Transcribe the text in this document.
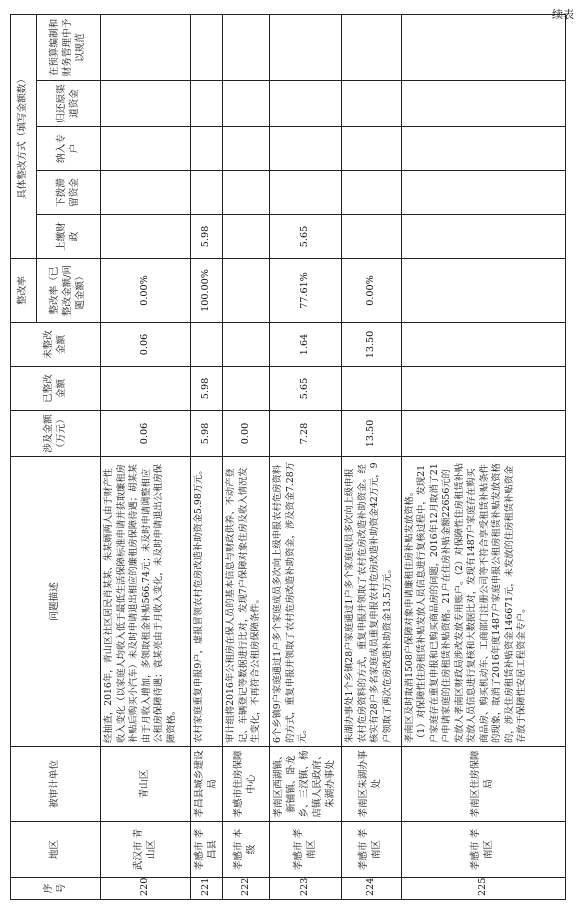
续表
序号	地区	被审计单位	问题描述	涉及金额（万元）	已整改金额	未整改金额	整改率	具体整改方式（填写金额数）				
							整改率（已整改金额/问题金额）	上缴财政	下拨滞留资金	纳入专户	归还原渠道资金	在预算编制和财务管理中予以规范

220	武汉市 青山区	青山区	经抽查，2016年，青山区社区居民肖某某、朱某婿两人由于财产性收入变化（以家庭人均收入低于最低生活保障标准申请并获取廉租房补贴后购买小汽车）未及时申请退出相应的廉租房保障待遇；胡某某由于月收入增加，多领取租金补贴566.74元；未及时申请调整相应公租房保障待遇；袁某亮由于月收入变化，未及时申请退出公租房保障资格。	0.06		0.06	0.00%					
221	孝感市 孝昌县	孝昌县城乡建设局	农村家庭重复申报9户，虚报冒领农村危房改造补助资金5.98万元。	5.98	5.98		100.00%	5.98				
222	孝感市 本级	孝感市住房保障中心	审计组将2016年公租房在保人员的基本信息与财政供养、不动产登记、车辆登记等数据进行比对，发现7户保障对象住房及收入情况发生变化，不再符合公租房保障条件。	0.00								
223	孝感市 孝南区	孝南区西湖镇、新铺镇、卧龙乡、三汊镇、杨店镇人民政府、朱湖办事处	6个乡镇9户家庭通过1户多个家庭成员多次向上级申报农村危房资料的方式，重复申报并领取了农村危房改造补助资金，涉及资金7.28万元。	7.28	5.65	1.64	77.61%	5.65				
224	孝感市 孝南区	孝南区朱湖办事处	朱湖办事处1个乡镇28户家庭通过1户多个家庭成员多次向上级申报农村危房资料的方式，重复申报并领取了农村危房改造补助资金。经核实有28户多名家庭成员重复申报农村危房改造补助资金42万元，9户领取了两次危房改造补助资金13.5万元。	13.50		13.50	0.00%					
225	孝感市 孝南区	孝南区住房保障局	孝南区及时取消1508户保障对象申请廉租住房补贴发放资格。
（1）对保障性住房租赁补贴发放人员信息进行复核过程中，发现21户家庭存在重复申报和已购买商品房的问题，2016年12月取消了21户申请家庭的住房租赁补贴资格。21户在住房补贴金额22656元的发放人孝南区财政局涉改发放专用账户。（2）对保障性住房租赁补贴发放人员信息进行复核和大数据比对，发现有1487户家庭存在购买商品房、购买机动车、工商部门注册公司等不符合享受租赁补贴条件的现象，取消了2016年度1487户家庭申报公租房租赁补贴发放资格的，涉及住房租赁补贴资金146671元，未发放的住房租赁补贴资金存放于保障性安居工程资金专户。									
